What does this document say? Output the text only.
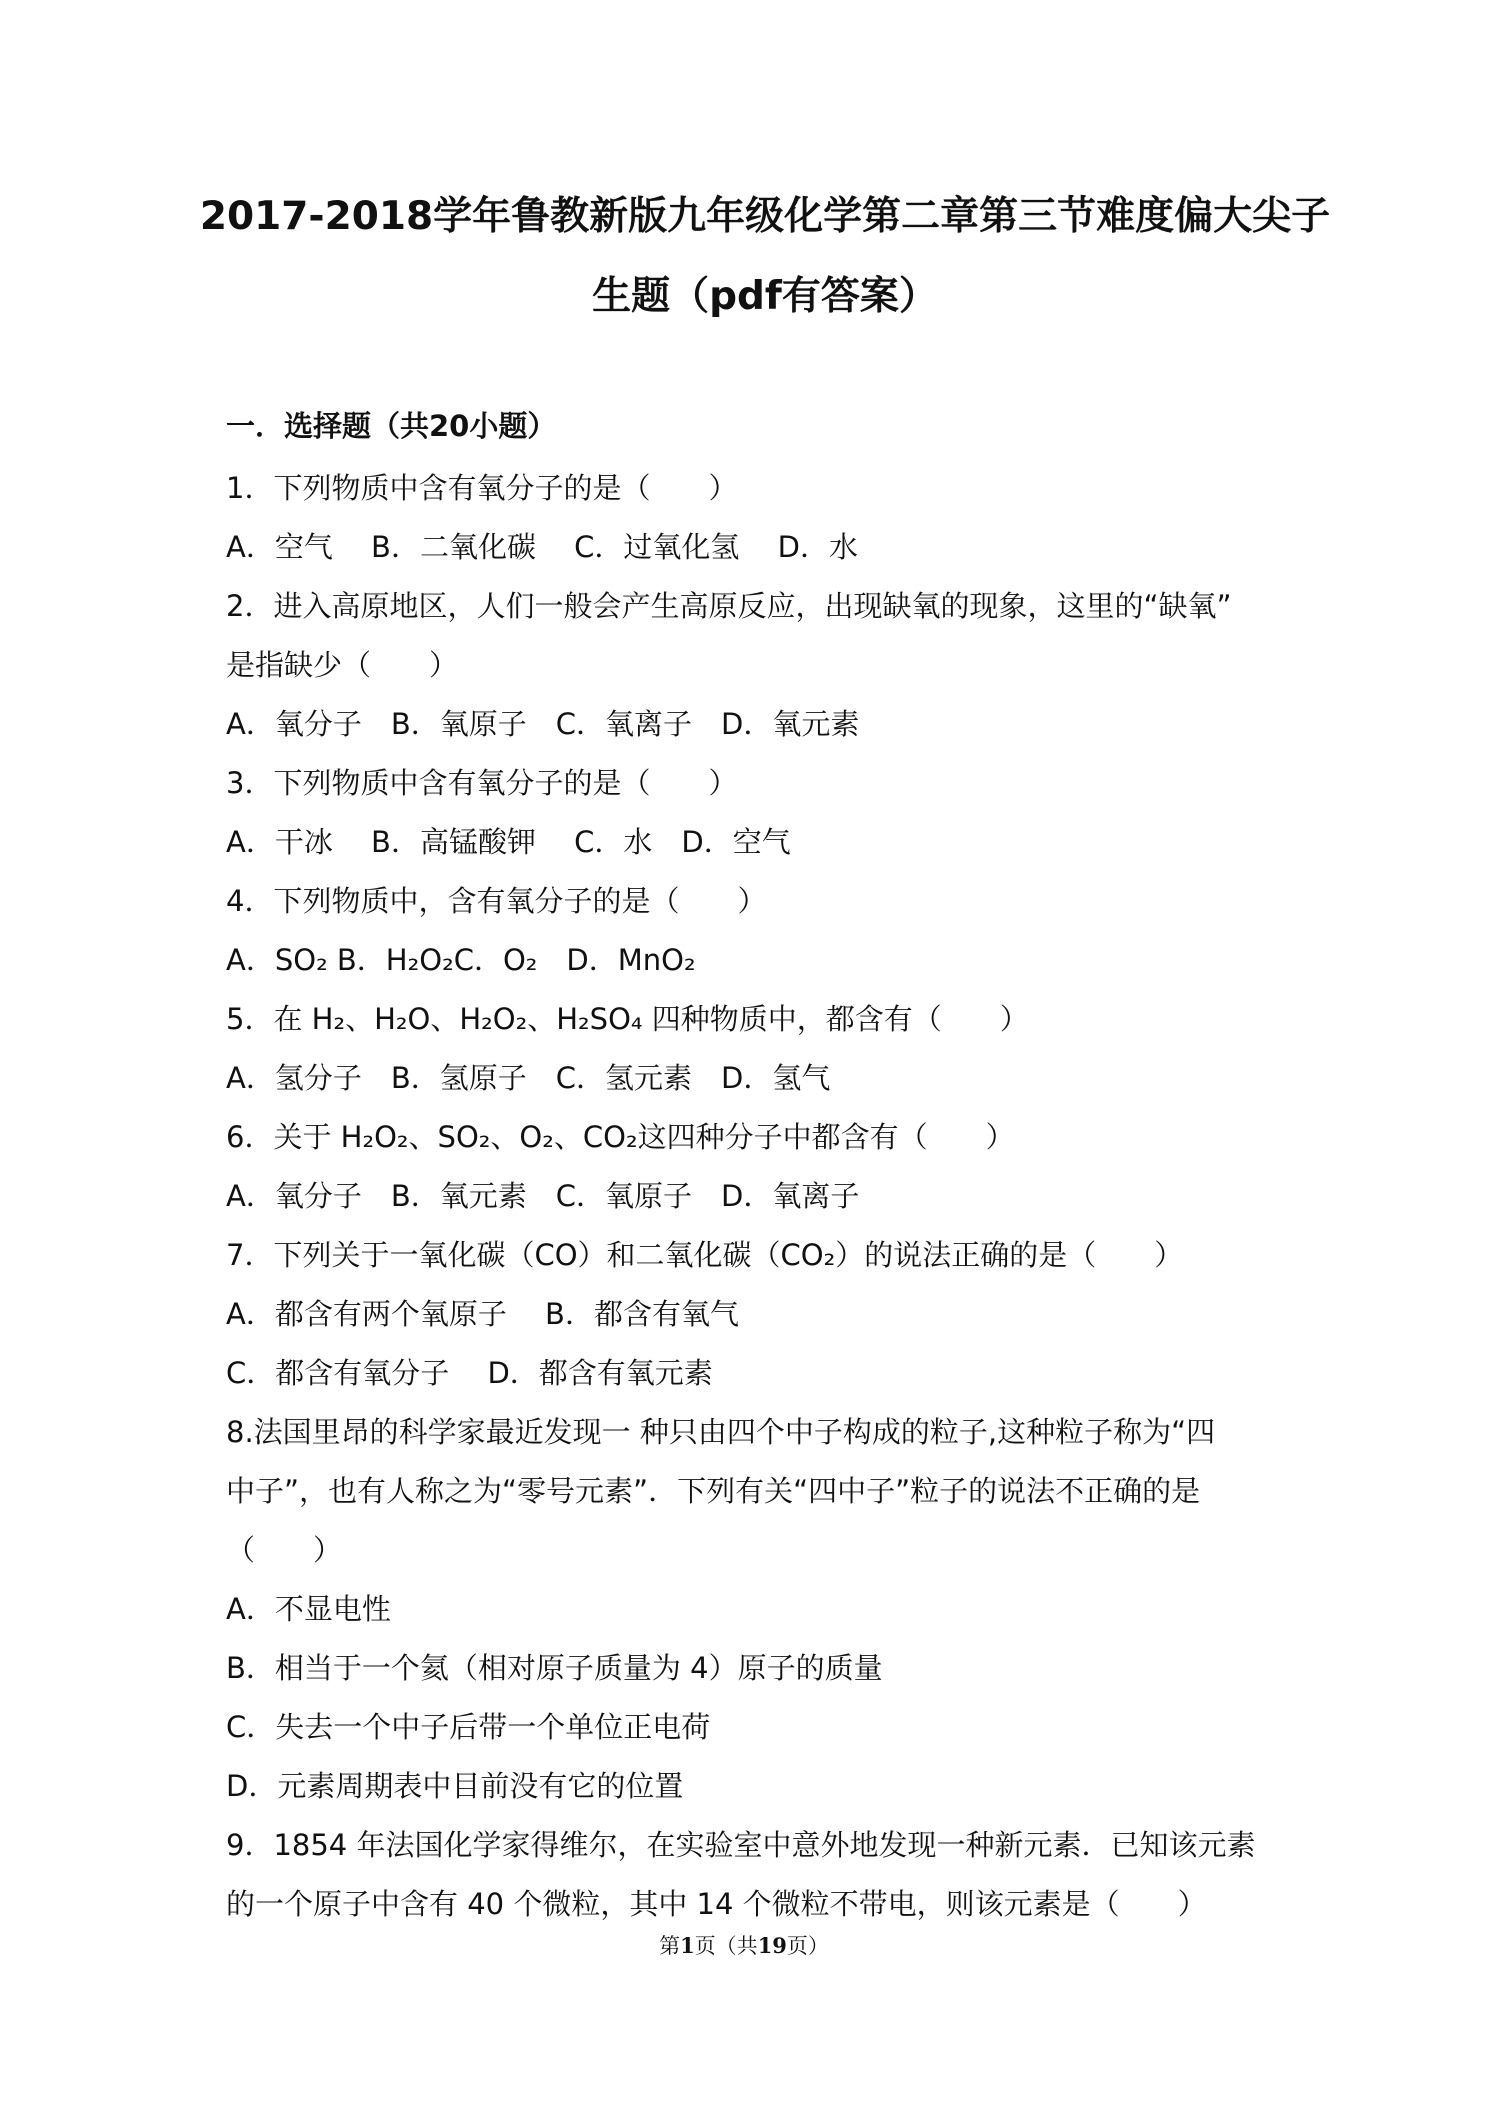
2017-2018学年鲁教新版九年级化学第二章第三节难度偏大尖子
生题（pdf有答案）
一．选择题（共20小题）
1．下列物质中含有氧分子的是（　　）
A．空气　 B．二氧化碳　 C．过氧化氢　 D．水
2．进入高原地区，人们一般会产生高原反应，出现缺氧的现象，这里的“缺氧”
是指缺少（　　）
A．氧分子　B．氧原子　C．氧离子　D．氧元素
3．下列物质中含有氧分子的是（　　）
A．干冰　 B．高锰酸钾　 C．水　D．空气
4．下列物质中，含有氧分子的是（　　）
A．SO₂ B．H₂O₂C．O₂　D．MnO₂
5．在 H₂、H₂O、H₂O₂、H₂SO₄ 四种物质中，都含有（　　）
A．氢分子　B．氢原子　C．氢元素　D．氢气
6．关于 H₂O₂、SO₂、O₂、CO₂这四种分子中都含有（　　）
A．氧分子　B．氧元素　C．氧原子　D．氧离子
7．下列关于一氧化碳（CO）和二氧化碳（CO₂）的说法正确的是（　　）
A．都含有两个氧原子　 B．都含有氧气
C．都含有氧分子　 D．都含有氧元素
8.法国里昂的科学家最近发现一 种只由四个中子构成的粒子,这种粒子称为“四
中子”，也有人称之为“零号元素”．下列有关“四中子”粒子的说法不正确的是
（　　）
A．不显电性
B．相当于一个氦（相对原子质量为 4）原子的质量
C．失去一个中子后带一个单位正电荷
D．元素周期表中目前没有它的位置
9．1854 年法国化学家得维尔，在实验室中意外地发现一种新元素．已知该元素
的一个原子中含有 40 个微粒，其中 14 个微粒不带电，则该元素是（　　）
第1页（共19页）
